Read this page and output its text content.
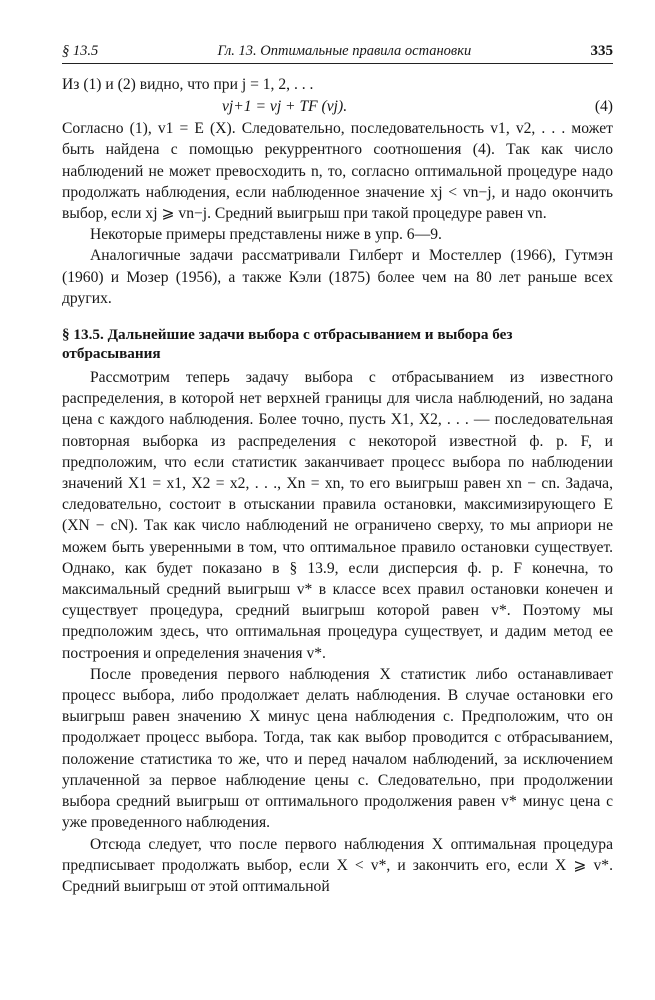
§ 13.5	Гл. 13. Оптимальные правила остановки	335

Из (1) и (2) видно, что при j = 1, 2, . . .

vj+1 = vj + TF (vj).	(4)

Согласно (1), v1 = E (X). Следовательно, последовательность v1, v2, . . . может быть найдена с помощью рекуррентного соотношения (4). Так как число наблюдений не может превосходить n, то, согласно оптимальной процедуре надо продолжать наблюдения, если наблюденное значение xj < vn−j, и надо окончить выбор, если xj ⩾ vn−j. Средний выигрыш при такой процедуре равен vn.

Некоторые примеры представлены ниже в упр. 6—9.

Аналогичные задачи рассматривали Гилберт и Мостеллер (1966), Гутмэн (1960) и Мозер (1956), а также Кэли (1875) более чем на 80 лет раньше всех других.

§ 13.5. Дальнейшие задачи выбора с отбрасыванием и выбора без отбрасывания

Рассмотрим теперь задачу выбора с отбрасыванием из известного распределения, в которой нет верхней границы для числа наблюдений, но задана цена c каждого наблюдения. Более точно, пусть X1, X2, . . . — последовательная повторная выборка из распределения с некоторой известной ф. р. F, и предположим, что если статистик заканчивает процесс выбора по наблюдении значений X1 = x1, X2 = x2, . . ., Xn = xn, то его выигрыш равен xn − cn. Задача, следовательно, состоит в отыскании правила остановки, максимизирующего E (XN − cN). Так как число наблюдений не ограничено сверху, то мы априори не можем быть уверенными в том, что оптимальное правило остановки существует. Однако, как будет показано в § 13.9, если дисперсия ф. р. F конечна, то максимальный средний выигрыш v* в классе всех правил остановки конечен и существует процедура, средний выигрыш которой равен v*. Поэтому мы предположим здесь, что оптимальная процедура существует, и дадим метод ее построения и определения значения v*.

После проведения первого наблюдения X статистик либо останавливает процесс выбора, либо продолжает делать наблюдения. В случае остановки его выигрыш равен значению X минус цена наблюдения c. Предположим, что он продолжает процесс выбора. Тогда, так как выбор проводится с отбрасыванием, положение статистика то же, что и перед началом наблюдений, за исключением уплаченной за первое наблюдение цены c. Следовательно, при продолжении выбора средний выигрыш от оптимального продолжения равен v* минус цена c уже проведенного наблюдения.

Отсюда следует, что после первого наблюдения X оптимальная процедура предписывает продолжать выбор, если X < v*, и закончить его, если X ⩾ v*. Средний выигрыш от этой оптимальной
